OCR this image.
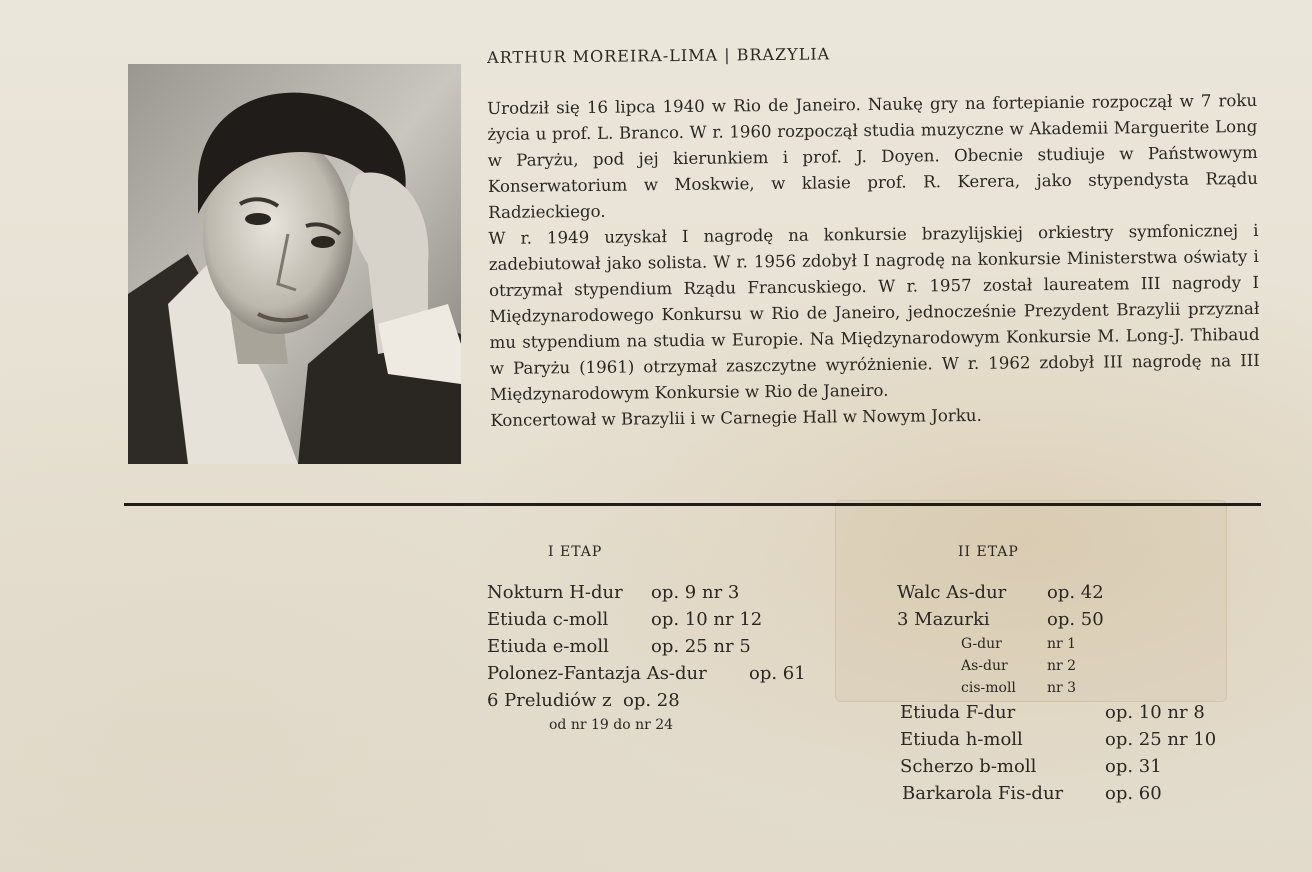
ARTHUR MOREIRA-LIMA | BRAZYLIA

Urodził się 16 lipca 1940 w Rio de Janeiro. Naukę gry na fortepianie rozpoczął w 7 roku życia u prof. L. Branco. W r. 1960 rozpoczął studia muzyczne w Akademii Marguerite Long w Paryżu, pod jej kierunkiem i prof. J. Doyen. Obecnie studiuje w Państwowym Konserwatorium w Moskwie, w klasie prof. R. Kerera, jako stypendysta Rządu Radzieckiego.

W r. 1949 uzyskał I nagrodę na konkursie brazylijskiej orkiestry symfonicznej i zadebiutował jako solista. W r. 1956 zdobył I nagrodę na konkursie Ministerstwa oświaty i otrzymał stypendium Rządu Francuskiego. W r. 1957 został laureatem III nagrody I Międzynarodowego Konkursu w Rio de Janeiro, jednocześnie Prezydent Brazylii przyznał mu stypendium na studia w Europie. Na Międzynarodowym Konkursie M. Long-J. Thibaud w Paryżu (1961) otrzymał zaszczytne wyróżnienie. W r. 1962 zdobył III nagrodę na III Międzynarodowym Konkursie w Rio de Janeiro.

Koncertował w Brazylii i w Carnegie Hall w Nowym Jorku.

I ETAP
Nokturn H-dur op. 9 nr 3
Etiuda c-moll op. 10 nr 12
Etiuda e-moll op. 25 nr 5
Polonez-Fantazja As-dur op. 61
6 Preludiów z op. 28
od nr 19 do nr 24
II ETAP
Walc As-dur op. 42
3 Mazurki	op. 50
G-dur	nr 1
As-dur	nr 2
cis-moll nr 3
Etiuda F-dur	op. 10 nr 8
Etiuda h-moll	op. 25 nr 10
Scherzo b-moll	op. 31
Barkarola Fis-dur op. 60
